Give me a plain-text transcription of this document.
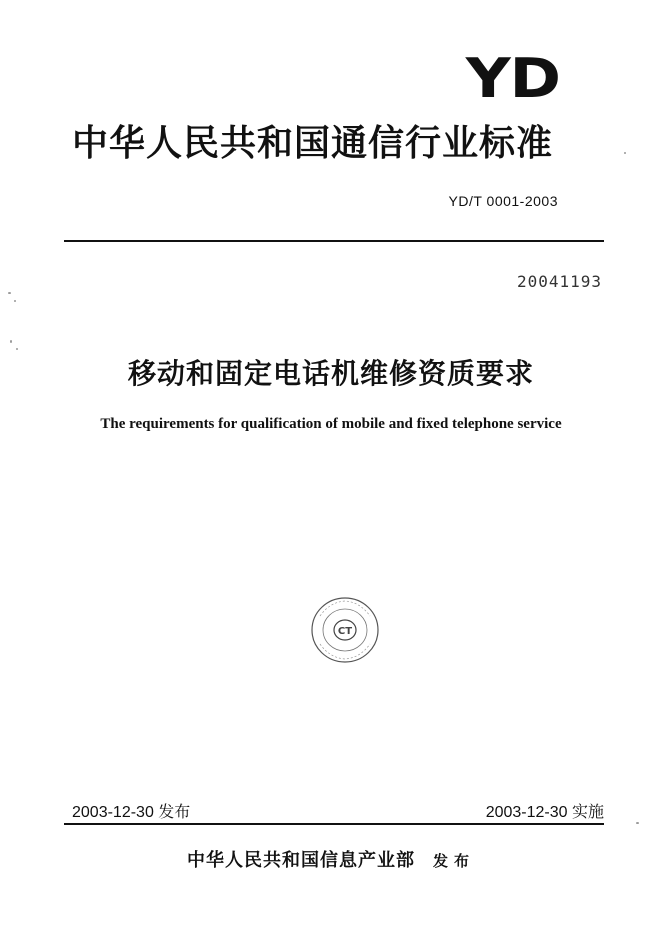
YD
中华人民共和国通信行业标准
YD/T 0001-2003
20041193
移动和固定电话机维修资质要求
The requirements for qualification of mobile and fixed telephone service
CT
2003-12-30 发布	2003-12-30 实施
中华人民共和国信息产业部 发布
